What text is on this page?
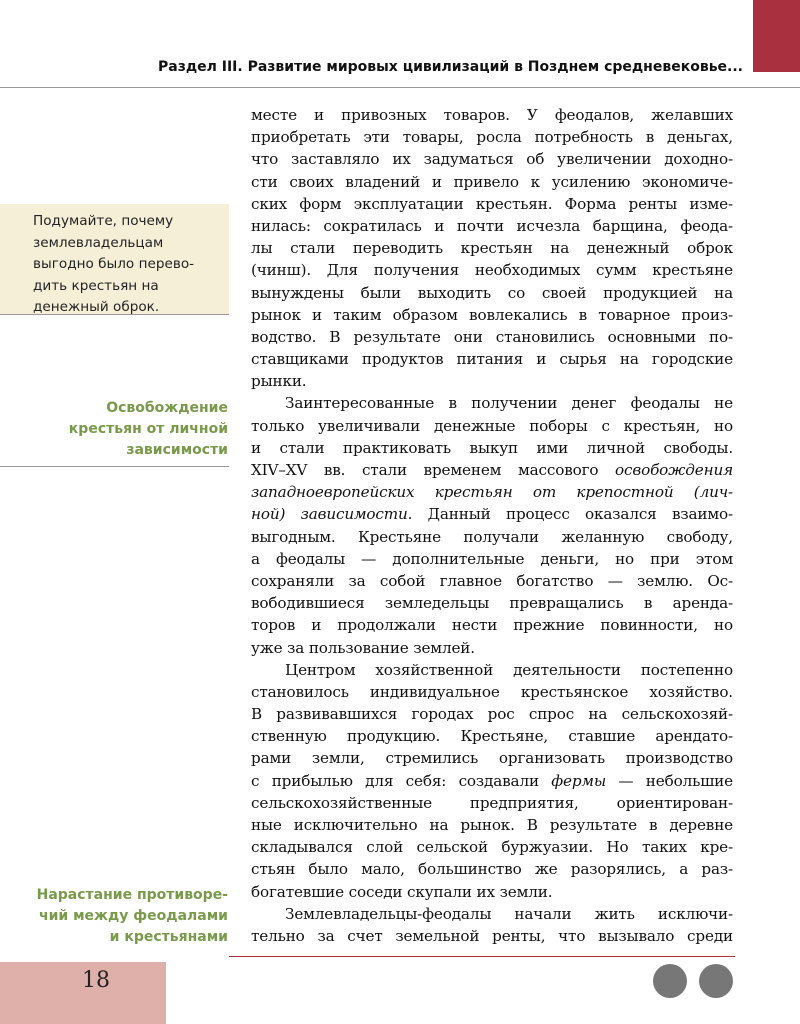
Раздел III. Развитие мировых цивилизаций в Позднем средневековье...

Подумайте, почему
землевладельцам
выгодно было перево-
дить крестьян на
денежный оброк.

Освобождение
крестьян от личной
зависимости
Нарастание противоре-
чий между феодалами
и крестьянами
месте и привозных товаров. У феодалов, желавших
приобретать эти товары, росла потребность в деньгах,
что заставляло их задуматься об увеличении доходно-
сти своих владений и привело к усилению экономиче-
ских форм эксплуатации крестьян. Форма ренты изме-
нилась: сократилась и почти исчезла барщина, феода-
лы стали переводить крестьян на денежный оброк
(чинш). Для получения необходимых сумм крестьяне
вынуждены были выходить со своей продукцией на
рынок и таким образом вовлекались в товарное произ-
водство. В результате они становились основными по-
ставщиками продуктов питания и сырья на городские
рынки.
Заинтересованные в получении денег феодалы не
только увеличивали денежные поборы с крестьян, но
и стали практиковать выкуп ими личной свободы.
XIV–XV вв. стали временем массового освобождения
западноевропейских крестьян от крепостной (лич-
ной) зависимости. Данный процесс оказался взаимо-
выгодным. Крестьяне получали желанную свободу,
а феодалы — дополнительные деньги, но при этом
сохраняли за собой главное богатство — землю. Ос-
вободившиеся земледельцы превращались в аренда-
торов и продолжали нести прежние повинности, но
уже за пользование землей.
Центром хозяйственной деятельности постепенно
становилось индивидуальное крестьянское хозяйство.
В развивавшихся городах рос спрос на сельскохозяй-
ственную продукцию. Крестьяне, ставшие арендато-
рами земли, стремились организовать производство
с прибылью для себя: создавали фермы — небольшие
сельскохозяйственные предприятия, ориентирован-
ные исключительно на рынок. В результате в деревне
складывался слой сельской буржуазии. Но таких кре-
стьян было мало, большинство же разорялись, а раз-
богатевшие соседи скупали их земли.
Землевладельцы-феодалы начали жить исключи-
тельно за счет земельной ренты, что вызывало среди
18
